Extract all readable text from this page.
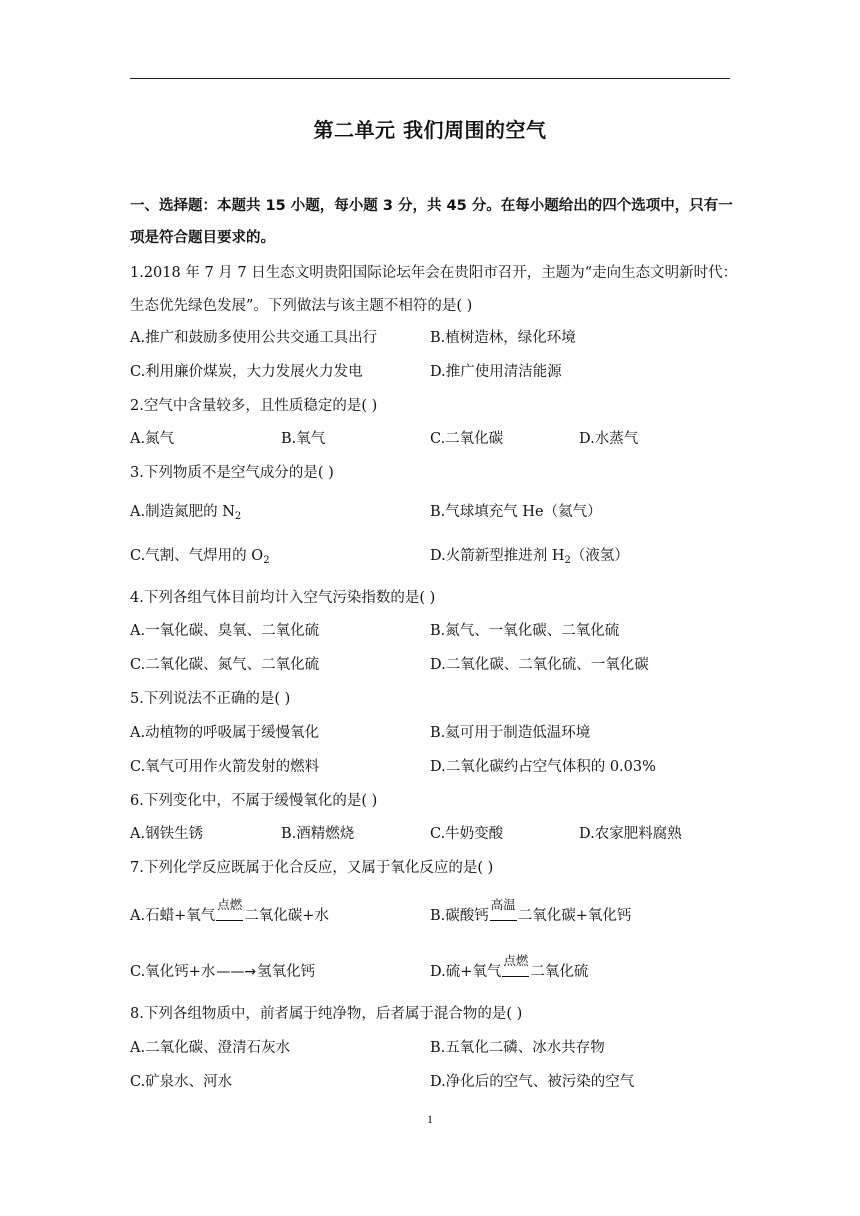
第二单元 我们周围的空气
一、选择题：本题共 15 小题，每小题 3 分，共 45 分。在每小题给出的四个选项中，只有一
项是符合题目要求的。
1.2018 年 7 月 7 日生态文明贵阳国际论坛年会在贵阳市召开，主题为“走向生态文明新时代：
生态优先绿色发展”。下列做法与该主题不相符的是( )
A.推广和鼓励多使用公共交通工具出行	B.植树造林，绿化环境
C.利用廉价煤炭，大力发展火力发电	D.推广使用清洁能源
2.空气中含量较多，且性质稳定的是( )
A.氮气	B.氧气	C.二氧化碳	D.水蒸气
3.下列物质不是空气成分的是( )
A.制造氮肥的 $N_2$	B.气球填充气 He（氦气）
C.气割、气焊用的 $O_2$	D.火箭新型推进剂 $H_2$（液氢）
4.下列各组气体目前均计入空气污染指数的是( )
A.一氧化碳、臭氧、二氧化硫	B.氮气、一氧化碳、二氧化硫
C.二氧化碳、氮气、二氧化硫	D.二氧化碳、二氧化硫、一氧化碳
5.下列说法不正确的是( )
A.动植物的呼吸属于缓慢氧化	B.氦可用于制造低温环境
C.氧气可用作火箭发射的燃料	D.二氧化碳约占空气体积的 0.03%
6.下列变化中，不属于缓慢氧化的是( )
A.钢铁生锈	B.酒精燃烧	C.牛奶变酸	D.农家肥料腐熟
7.下列化学反应既属于化合反应，又属于氧化反应的是( )
A.石蜡+氧气
点燃
二氧化碳+水	B.碳酸钙
高温
二氧化碳+氧化钙
C.氧化钙+水——→氢氧化钙	D.硫+氧气
点燃
二氧化硫
8.下列各组物质中，前者属于纯净物，后者属于混合物的是( )
A.二氧化碳、澄清石灰水	B.五氧化二磷、冰水共存物
C.矿泉水、河水	D.净化后的空气、被污染的空气
1
